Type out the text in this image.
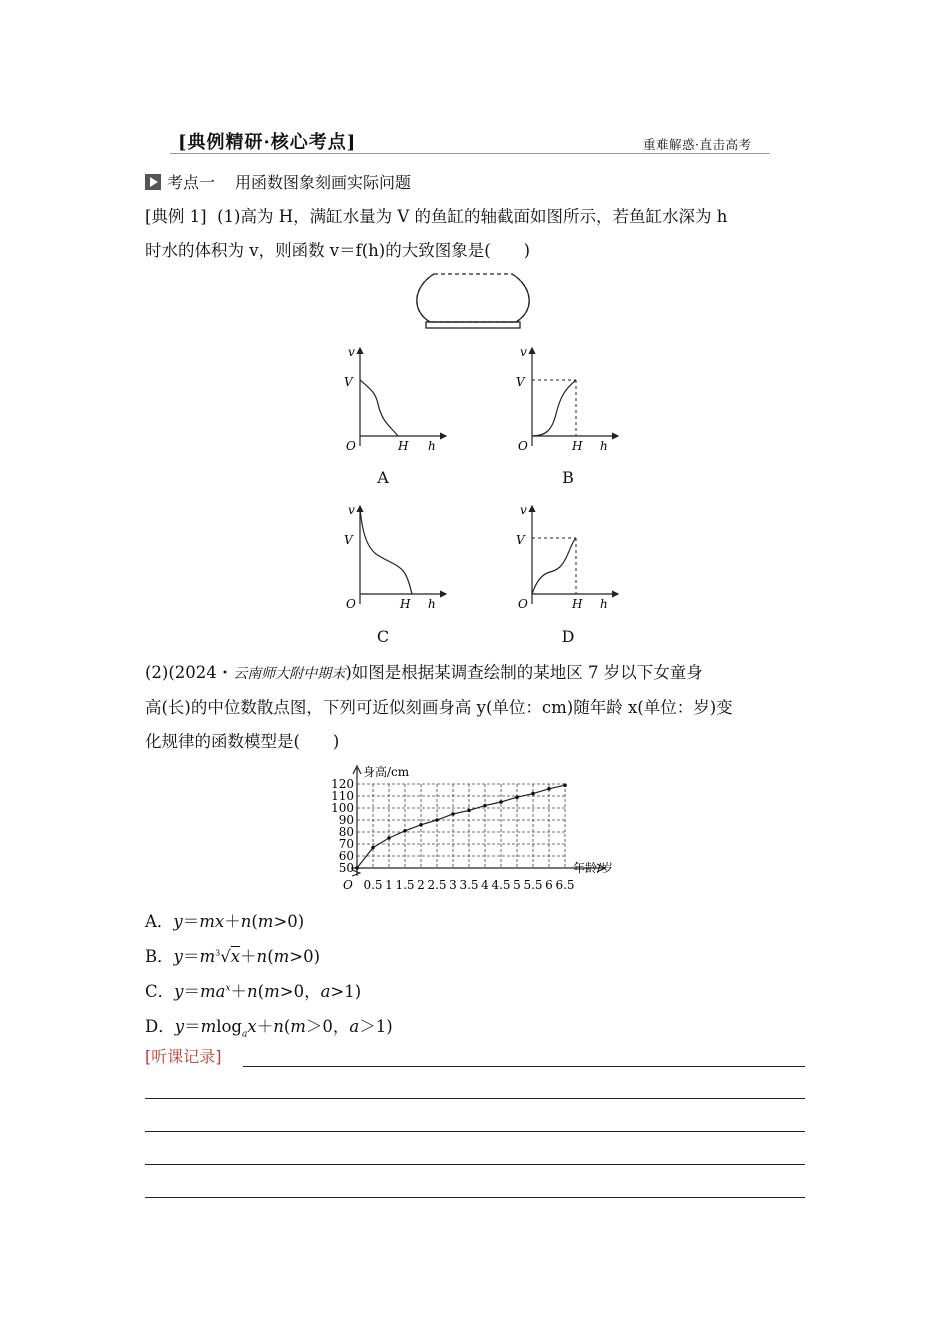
[典例精研·核心考点]	重难解惑·直击高考
考点一 用函数图象刻画实际问题
[典例 1] (1)高为 H，满缸水量为 V 的鱼缸的轴截面如图所示，若鱼缸水深为 h
时水的体积为 v，则函数 v＝f(h)的大致图象是(　　)
v
V
O	H h
A
v
V
O	H h
B
v
V
O	H h
C
v
V
O	H h
D
(2)(2024・云南师大附中期末)如图是根据某调查绘制的某地区 7 岁以下女童身
高(长)的中位数散点图，下列可近似刻画身高 y(单位：cm)随年龄 x(单位：岁)变
化规律的函数模型是(　　)
0.5 1 1.5 2 2.5 3 3.5 4 4.5 5 5.5 6 6.5
50
60
70
80
90
100
110
120
身高/cm
年龄/岁
O
A．y＝mx＋n(m>0)
B．$y=m^3√x+n(m>0)$
C．$y=ma^x+n(m>0$，a>1)
D．y＝mlog$_a$x＋n(m＞0，a＞1)
[听课记录]
